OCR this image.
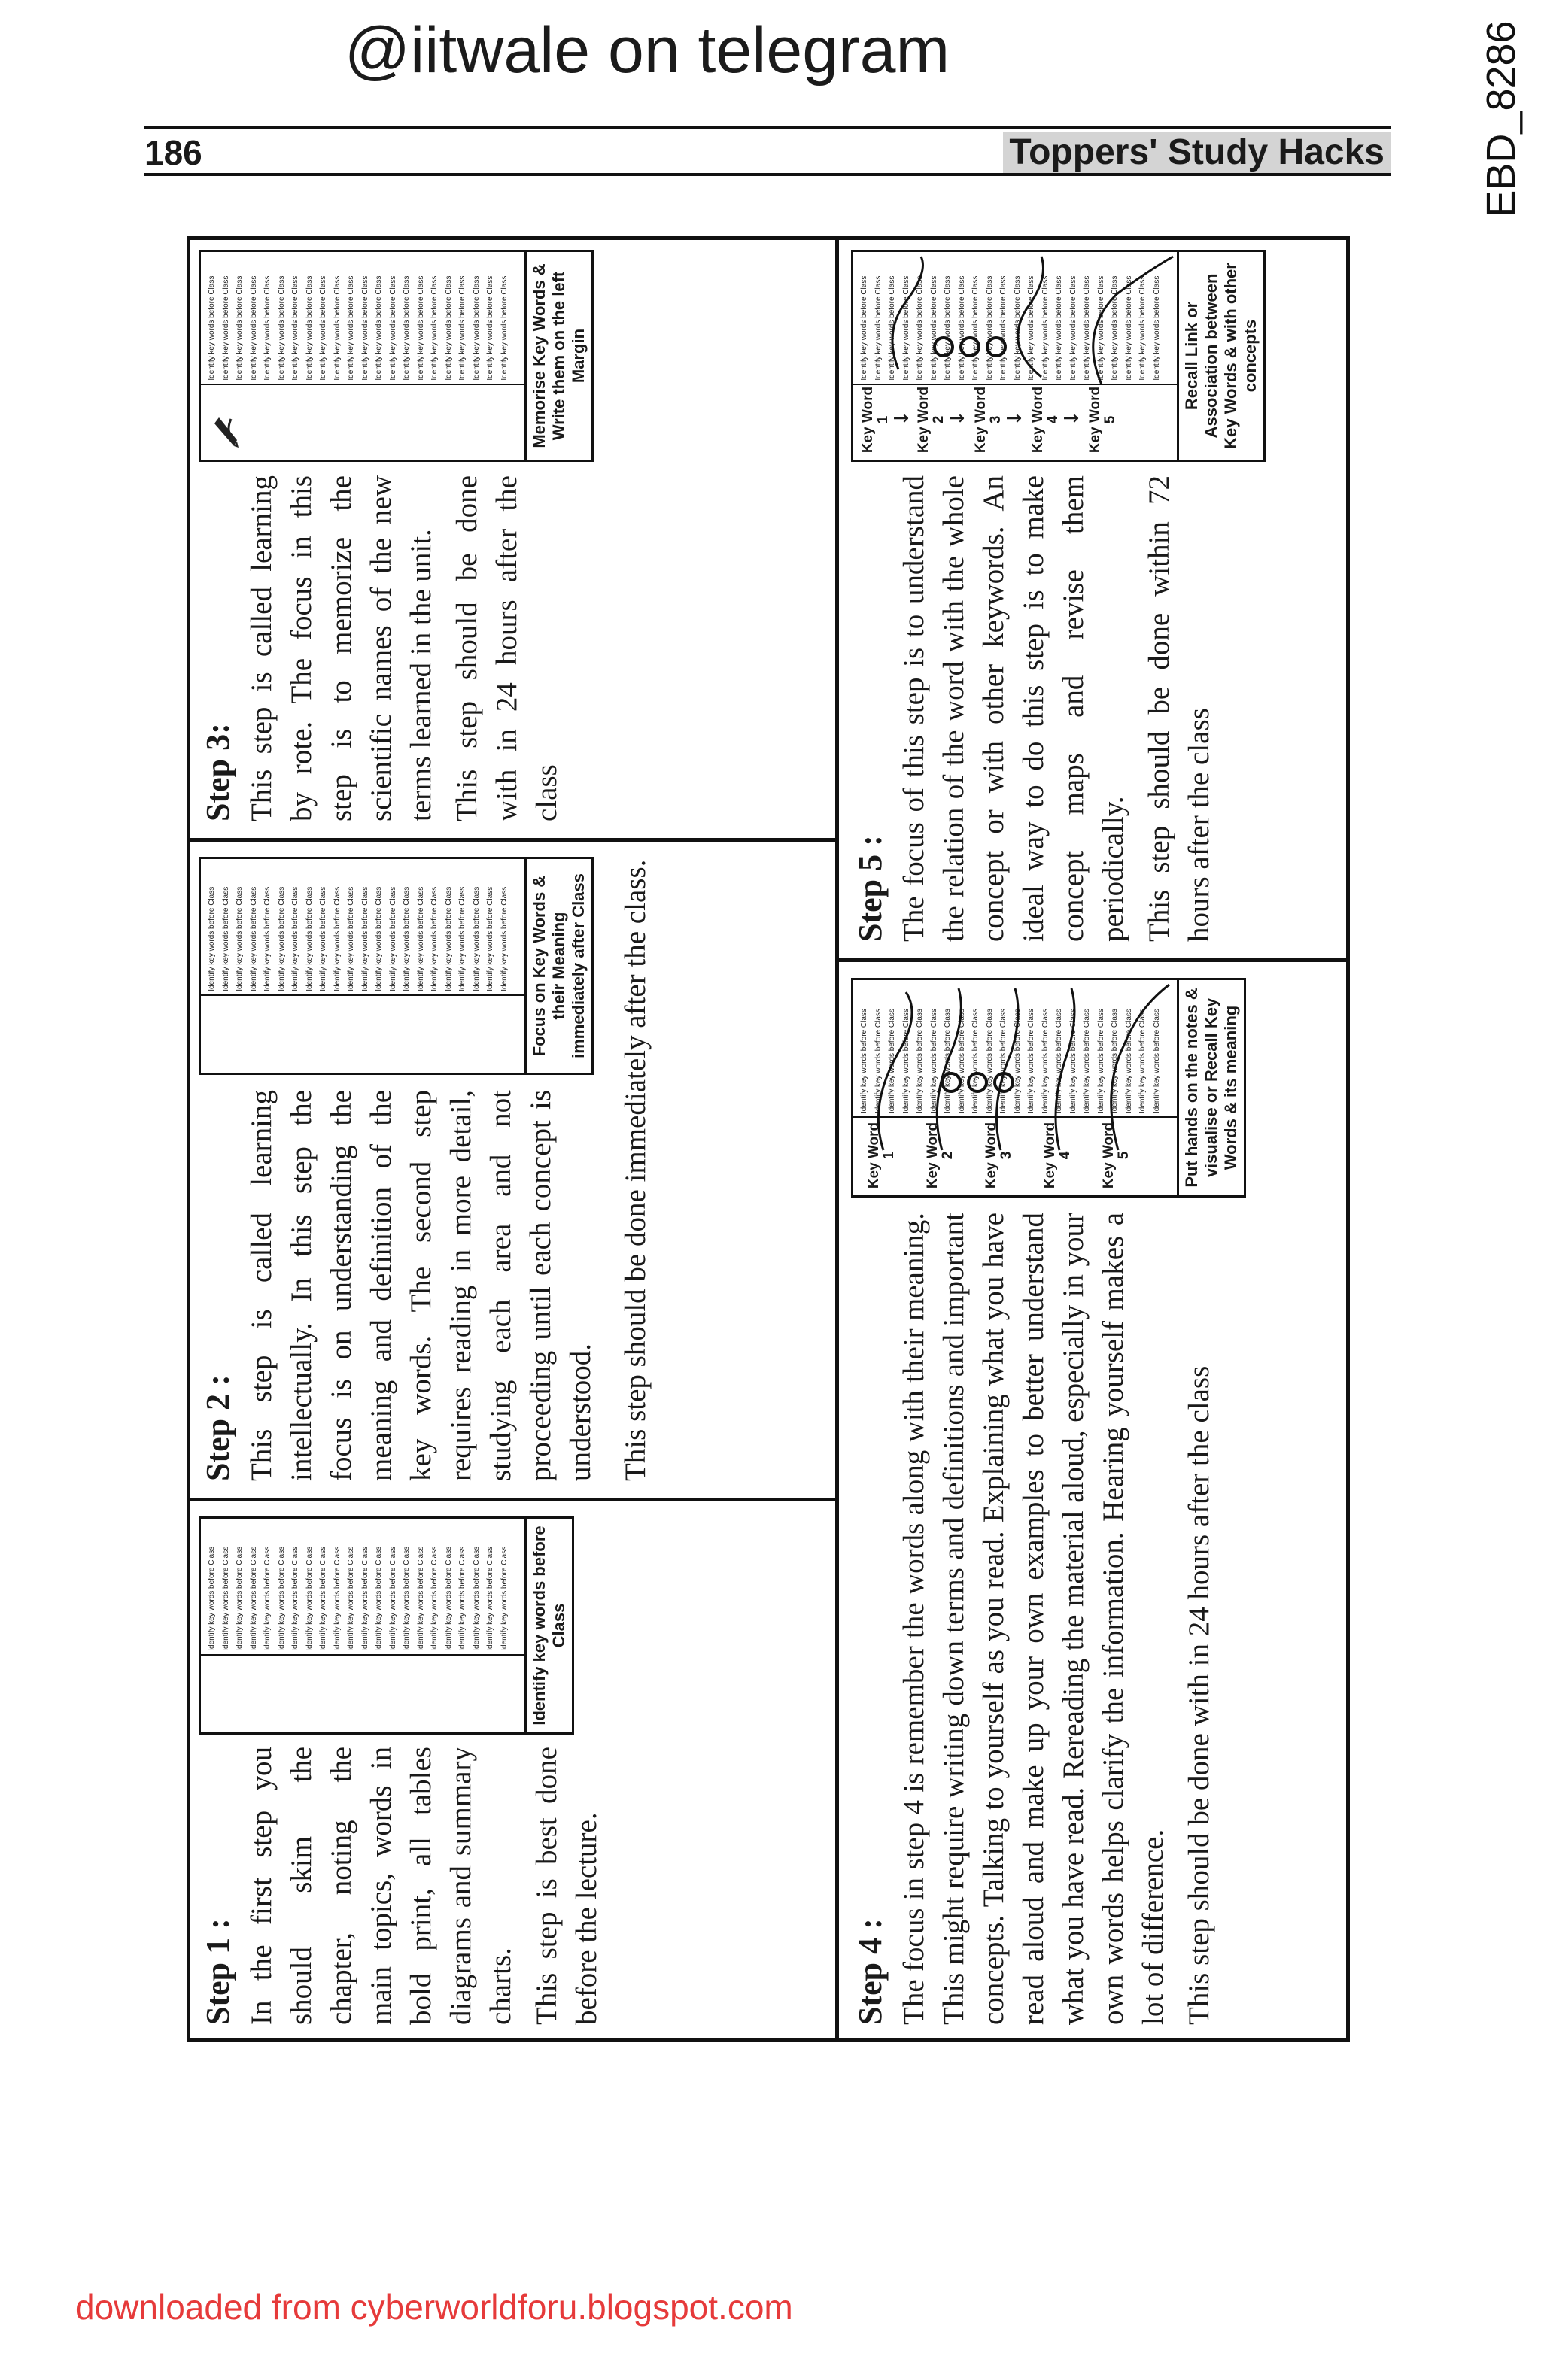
@iitwale on telegram	EBD_8286
186	Toppers' Study Hacks
Step 1 : In the first step you should skim the chapter, noting the main topics, words in bold print, all tables diagrams and summary charts. This step is best done before the lecture.

Identify key words before Class Identify key words before Class Identify key words before Class Identify key words before Class Identify key words before Class Identify key words before Class Identify key words before Class Identify key words before Class Identify key words before Class Identify key words before Class Identify key words before Class Identify key words before Class Identify key words before Class Identify key words before Class Identify key words before Class Identify key words before Class Identify key words before Class Identify key words before Class Identify key words before Class Identify key words before Class Identify key words before Class Identify key words before Class Identify key words before Class
Step 2 : This step is called learning intellectually. In this step the focus is on understanding the meaning and definition of the key words. The second step requires reading in more detail, studying each area and not proceeding until each concept is understood. This step should be done immediately after the class.

Identify key words before Class Identify key words before Class Identify key words before Class Identify key words before Class Identify key words before Class Identify key words before Class Identify key words before Class Identify key words before Class Identify key words before Class Identify key words before Class Identify key words before Class Identify key words before Class Identify key words before Class Identify key words before Class Identify key words before Class Identify key words before Class Identify key words before Class Identify key words before Class Identify key words before Class Identify key words before Class Identify key words before Class Identify key words before Class Focus on Key Words & their Meaning immediately after Class
Step 3: This step is called learning by rote. The focus in this step is to memorize the scientific names of the new terms learned in the unit. This step should be done with in 24 hours after the class

Identify key words before Class Identify key words before Class Identify key words before Class Identify key words before Class Identify key words before Class Identify key words before Class Identify key words before Class Identify key words before Class Identify key words before Class Identify key words before Class Identify key words before Class Identify key words before Class Identify key words before Class Identify key words before Class Identify key words before Class Identify key words before Class Identify key words before Class Identify key words before Class Identify key words before Class Identify key words before Class Identify key words before Class Identify key words before Class Memorise Key Words & Write them on the left Margin
Step 4 : The focus in step 4 is remember the words along with their meaning. This might require writing down terms and definitions and important concepts. Talking to yourself as you read. Explaining what you have read aloud and make up your own examples to better understand what you have read. Rereading the material aloud, especially in your own words helps clarify the information. Hearing yourself makes a lot of difference. This step should be done with in 24 hours after the class

Key Word 1 Key Word 2 Key Word 3 Key Word 4 Key Word 5
Identify key words before Class Identify key words before Class Identify key words before Class Identify key words before Class Identify key words before Class Identify key words before Class Identify key words before Class Identify key words before Class Identify key words before Class Identify key words before Class Identify key words before Class Identify key words before Class Identify key words before Class Identify key words before Class Identify key words before Class Identify key words before Class Identify key words before Class Identify key words before Class Identify key words before Class Identify key words before Class Identify key words before Class Identify key words before Class Put hands on the notes & visualise or Recall Key Words & its meaning
Step 5 : The focus of this step is to understand the relation of the word with the whole concept or with other keywords. An ideal way to do this step is to make concept maps and revise them periodically. This step should be done within 72 hours after the class

Key Word 1 ↓ Key Word 2 ↓ Key Word 3 ↓ Key Word 4 ↓ Key Word 5
Identify key words before Class Identify key words before Class Identify key words before Class Identify key words before Class Identify key words before Class Identify key words before Class Identify key words before Class Identify key words before Class Identify key words before Class Identify key words before Class Identify key words before Class Identify key words before Class Identify key words before Class Identify key words before Class Identify key words before Class Identify key words before Class Identify key words before Class Identify key words before Class Identify key words before Class Identify key words before Class Identify key words before Class Identify key words before Class Recall Link or Association between Key Words & with other concepts
downloaded from cyberworldforu.blogspot.com
